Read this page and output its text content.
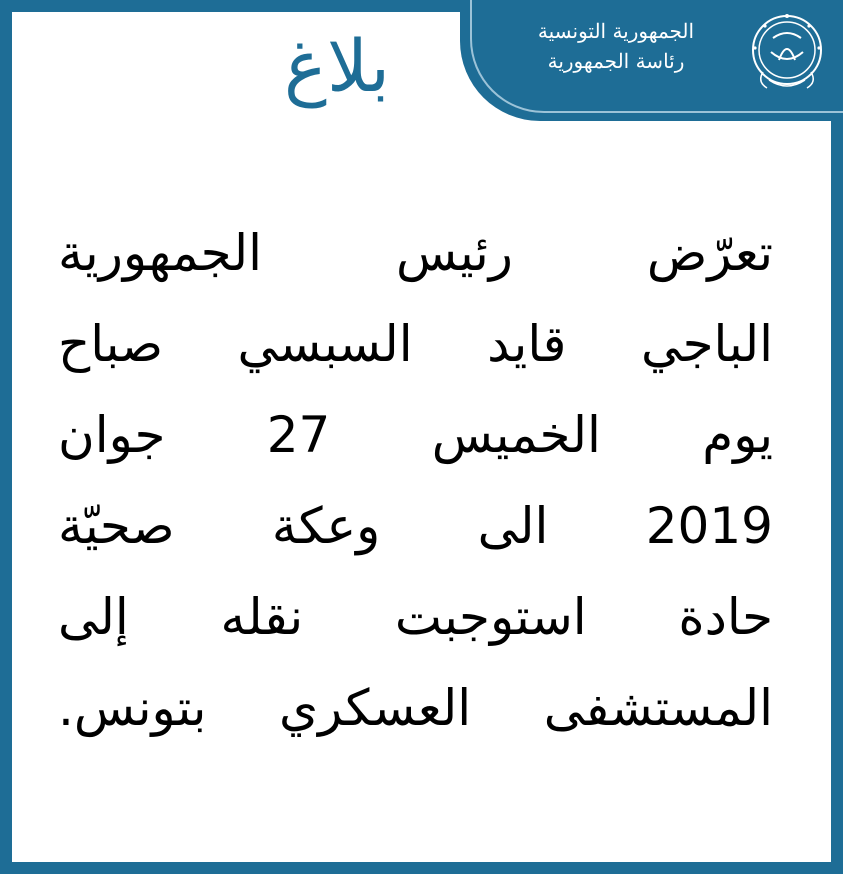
الجمهورية التونسية
رئاسة الجمهورية
بلاغ
تعرّض رئيس الجمهورية
الباجي قايد السبسي صباح
يوم الخميس 27 جوان
2019 الى وعكة صحيّة
حادة استوجبت نقله إلى
المستشفى العسكري بتونس.
